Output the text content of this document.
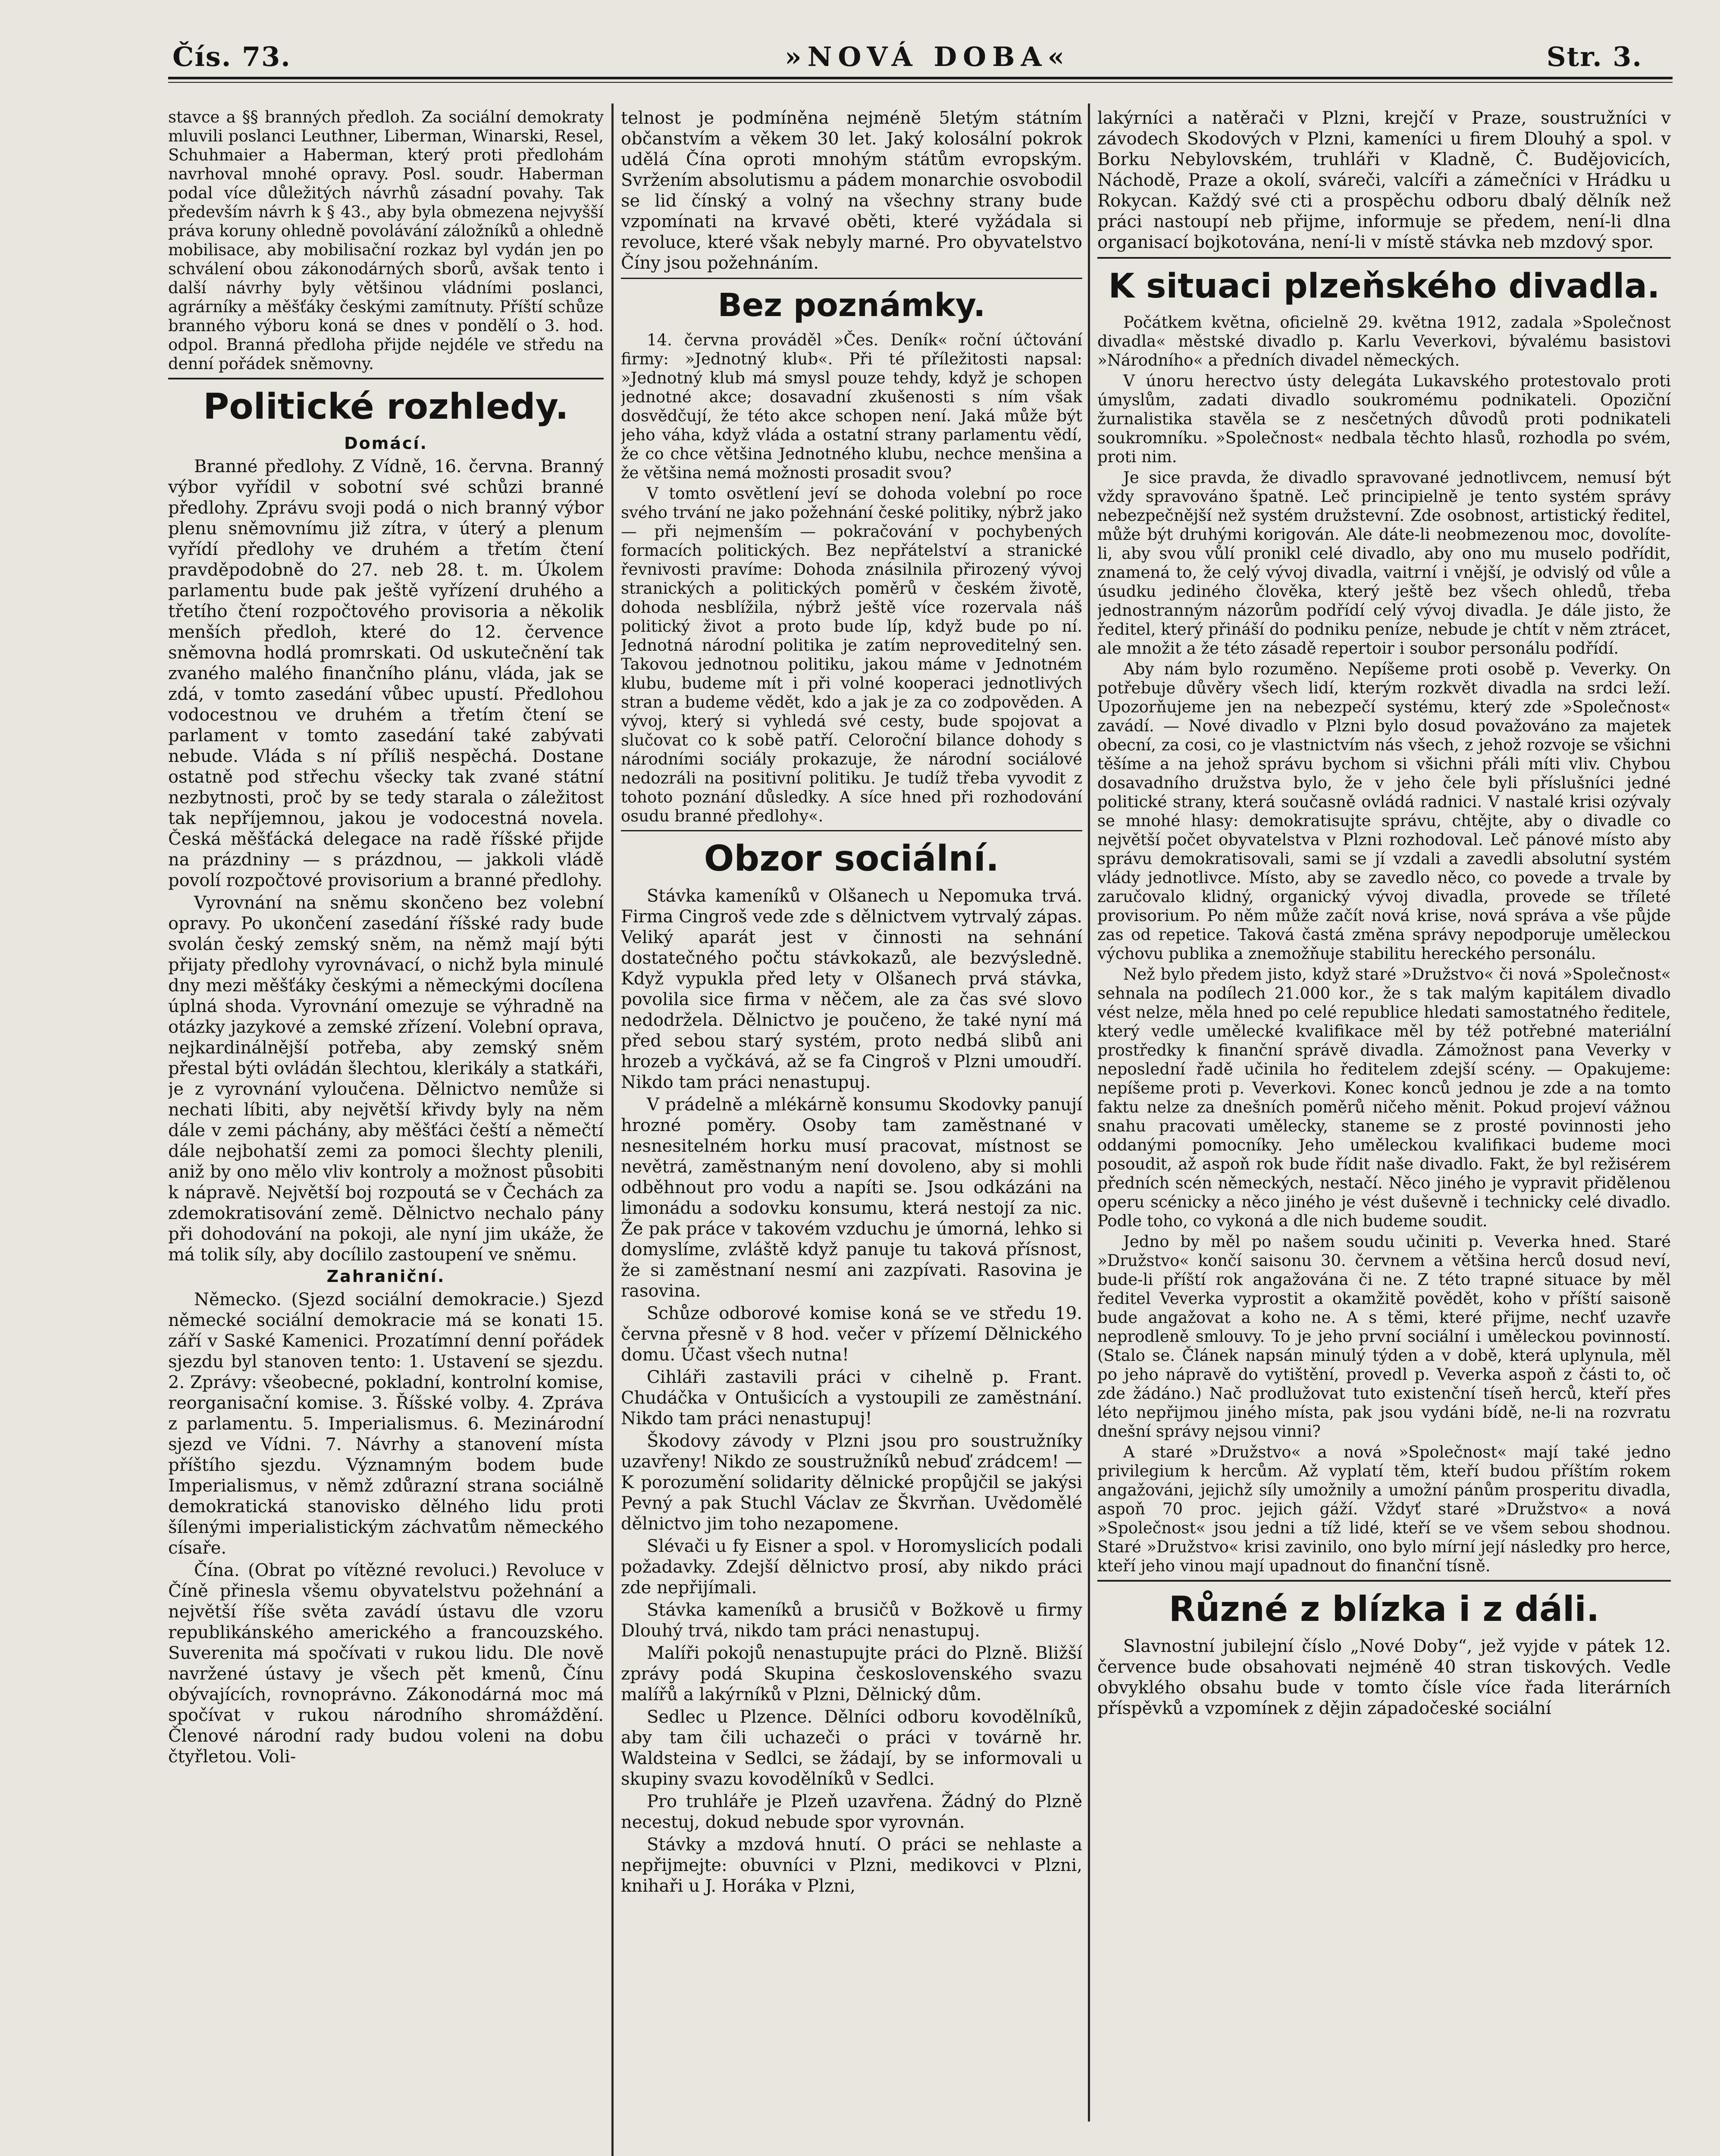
Čís. 73.	»NOVÁ DOBA«	Str. 3.

stavce a §§ branných předloh. Za sociální demokraty mluvili poslanci Leuthner, Liberman, Winarski, Resel, Schuhmaier a Haberman, který proti předlohám navrhoval mnohé opravy. Posl. soudr. Haberman podal více důležitých návrhů zásadní povahy. Tak především návrh k § 43., aby byla obmezena nejvyšší práva koruny ohledně povolávání záložníků a ohledně mobilisace, aby mobilisační rozkaz byl vydán jen po schválení obou zákonodárných sborů, avšak tento i další návrhy byly většinou vládními poslanci, agrárníky a měšťáky českými zamítnuty. Příští schůze branného výboru koná se dnes v pondělí o 3. hod. odpol. Branná předloha přijde nejdéle ve středu na denní pořádek sněmovny.

Politické rozhledy.
Domácí.

Branné předlohy. Z Vídně, 16. června. Branný výbor vyřídil v sobotní své schůzi branné předlohy. Zprávu svoji podá o nich branný výbor plenu sněmovnímu již zítra, v úterý a plenum vyřídí předlohy ve druhém a třetím čtení pravděpodobně do 27. neb 28. t. m. Úkolem parlamentu bude pak ještě vyřízení druhého a třetího čtení rozpočtového provisoria a několik menších předloh, které do 12. července sněmovna hodlá promrskati. Od uskutečnění tak zvaného malého finančního plánu, vláda, jak se zdá, v tomto zasedání vůbec upustí. Předlohou vodocestnou ve druhém a třetím čtení se parlament v tomto zasedání také zabývati nebude. Vláda s ní příliš nespěchá. Dostane ostatně pod střechu všecky tak zvané státní nezbytnosti, proč by se tedy starala o záležitost tak nepříjemnou, jakou je vodocestná novela. Česká měšťácká delegace na radě říšské přijde na prázdniny — s prázdnou, — jakkoli vládě povolí rozpočtové provisorium a branné předlohy.

Vyrovnání na sněmu skončeno bez volební opravy. Po ukončení zasedání říšské rady bude svolán český zemský sněm, na němž mají býti přijaty předlohy vyrovnávací, o nichž byla minulé dny mezi měšťáky českými a německými docílena úplná shoda. Vyrovnání omezuje se výhradně na otázky jazykové a zemské zřízení. Volební oprava, nejkardinálnější potřeba, aby zemský sněm přestal býti ovládán šlechtou, klerikály a statkáři, je z vyrovnání vyloučena. Dělnictvo nemůže si nechati líbiti, aby největší křivdy byly na něm dále v zemi páchány, aby měšťáci čeští a němečtí dále nejbohatší zemi za pomoci šlechty plenili, aniž by ono mělo vliv kontroly a možnost působiti k nápravě. Největší boj rozpoutá se v Čechách za zdemokratisování země. Dělnictvo nechalo pány při dohodování na pokoji, ale nyní jim ukáže, že má tolik síly, aby docílilo zastoupení ve sněmu.

Zahraniční.

Německo. (Sjezd sociální demokracie.) Sjezd německé sociální demokracie má se konati 15. září v Saské Kamenici. Prozatímní denní pořádek sjezdu byl stanoven tento: 1. Ustavení se sjezdu. 2. Zprávy: všeobecné, pokladní, kontrolní komise, reorganisační komise. 3. Říšské volby. 4. Zpráva z parlamentu. 5. Imperialismus. 6. Mezinárodní sjezd ve Vídni. 7. Návrhy a stanovení místa příštího sjezdu. Významným bodem bude Imperialismus, v němž zdůrazní strana sociálně demokratická stanovisko dělného lidu proti šílenými imperialistickým záchvatům německého císaře.

Čína. (Obrat po vítězné revoluci.) Revoluce v Číně přinesla všemu obyvatelstvu požehnání a největší říše světa zavádí ústavu dle vzoru republikánského amerického a francouzského. Suverenita má spočívati v rukou lidu. Dle nově navržené ústavy je všech pět kmenů, Čínu obývajících, rovnoprávno. Zákonodárná moc má spočívat v rukou národního shromáždění. Členové národní rady budou voleni na dobu čtyřletou. Voli-

telnost je podmíněna nejméně 5letým státním občanstvím a věkem 30 let. Jaký kolosální pokrok udělá Čína oproti mnohým státům evropským. Svržením absolutismu a pádem monarchie osvobodil se lid čínský a volný na všechny strany bude vzpomínati na krvavé oběti, které vyžádala si revoluce, které však nebyly marné. Pro obyvatelstvo Číny jsou požehnáním.

Bez poznámky.

14. června prováděl »Čes. Deník« roční účtování firmy: »Jednotný klub«. Při té příležitosti napsal: »Jednotný klub má smysl pouze tehdy, když je schopen jednotné akce; dosavadní zkušenosti s ním však dosvědčují, že této akce schopen není. Jaká může být jeho váha, když vláda a ostatní strany parlamentu vědí, že co chce většina Jednotného klubu, nechce menšina a že většina nemá možnosti prosadit svou?

V tomto osvětlení jeví se dohoda volební po roce svého trvání ne jako požehnání české politiky, nýbrž jako — při nejmenším — pokračování v pochybených formacích politických. Bez nepřátelství a stranické řevnivosti pravíme: Dohoda znásilnila přirozený vývoj stranických a politických poměrů v českém životě, dohoda nesblížila, nýbrž ještě více rozervala náš politický život a proto bude líp, když bude po ní. Jednotná národní politika je zatím neproveditelný sen. Takovou jednotnou politiku, jakou máme v Jednotném klubu, budeme mít i při volné kooperaci jednotlivých stran a budeme vědět, kdo a jak je za co zodpověden. A vývoj, který si vyhledá své cesty, bude spojovat a slučovat co k sobě patří. Celoroční bilance dohody s národními sociály prokazuje, že národní sociálové nedozráli na positivní politiku. Je tudíž třeba vyvodit z tohoto poznání důsledky. A síce hned při rozhodování osudu branné předlohy«.

Obzor sociální.

Stávka kameníků v Olšanech u Nepomuka trvá. Firma Cingroš vede zde s dělnictvem vytrvalý zápas. Veliký aparát jest v činnosti na sehnání dostatečného počtu stávkokazů, ale bezvýsledně. Když vypukla před lety v Olšanech prvá stávka, povolila sice firma v něčem, ale za čas své slovo nedodržela. Dělnictvo je poučeno, že také nyní má před sebou starý systém, proto nedbá slibů ani hrozeb a vyčkává, až se fa Cingroš v Plzni umoudří. Nikdo tam práci nenastupuj.

V prádelně a mlékárně konsumu Skodovky panují hrozné poměry. Osoby tam zaměstnané v nesnesitelném horku musí pracovat, místnost se nevětrá, zaměstnaným není dovoleno, aby si mohli odběhnout pro vodu a napíti se. Jsou odkázáni na limonádu a sodovku konsumu, která nestojí za nic. Že pak práce v takovém vzduchu je úmorná, lehko si domyslíme, zvláště když panuje tu taková přísnost, že si zaměstnaní nesmí ani zazpívati. Rasovina je rasovina.

Schůze odborové komise koná se ve středu 19. června přesně v 8 hod. večer v přízemí Dělnického domu. Účast všech nutna!

Cihláři zastavili práci v cihelně p. Frant. Chudáčka v Ontušicích a vystoupili ze zaměstnání. Nikdo tam práci nenastupuj!

Škodovy závody v Plzni jsou pro soustružníky uzavřeny! Nikdo ze soustružníků nebuď zrádcem! — K porozumění solidarity dělnické propůjčil se jakýsi Pevný a pak Stuchl Václav ze Škvrňan. Uvědomělé dělnictvo jim toho nezapomene.

Slévači u fy Eisner a spol. v Horomyslicích podali požadavky. Zdejší dělnictvo prosí, aby nikdo práci zde nepřijímali.

Stávka kameníků a brusičů v Božkově u firmy Dlouhý trvá, nikdo tam práci nenastupuj.

Malíři pokojů nenastupujte práci do Plzně. Bližší zprávy podá Skupina československého svazu malířů a lakýrníků v Plzni, Dělnický dům.

Sedlec u Plzence. Dělníci odboru kovodělníků, aby tam čili uchazeči o práci v továrně hr. Waldsteina v Sedlci, se žádají, by se informovali u skupiny svazu kovodělníků v Sedlci.

Pro truhláře je Plzeň uzavřena. Žádný do Plzně necestuj, dokud nebude spor vyrovnán.

Stávky a mzdová hnutí. O práci se nehlaste a nepřijmejte: obuvníci v Plzni, medikovci v Plzni, knihaři u J. Horáka v Plzni,

lakýrníci a natěrači v Plzni, krejčí v Praze, soustružníci v závodech Skodových v Plzni, kameníci u firem Dlouhý a spol. v Borku Nebylovském, truhláři v Kladně, Č. Budějovicích, Náchodě, Praze a okolí, sváreči, valcíři a zámečníci v Hrádku u Rokycan. Každý své cti a prospěchu odboru dbalý dělník než práci nastoupí neb přijme, informuje se předem, není-li dlna organisací bojkotována, není-li v místě stávka neb mzdový spor.

K situaci plzeňského divadla.

Počátkem května, oficielně 29. května 1912, zadala »Společnost divadla« městské divadlo p. Karlu Veverkovi, bývalému basistovi »Národního« a předních divadel německých.

V únoru herectvo ústy delegáta Lukavského protestovalo proti úmyslům, zadati divadlo soukromému podnikateli. Opoziční žurnalistika stavěla se z nesčetných důvodů proti podnikateli soukromníku. »Společnost« nedbala těchto hlasů, rozhodla po svém, proti nim.

Je sice pravda, že divadlo spravované jednotlivcem, nemusí být vždy spravováno špatně. Leč principielně je tento systém správy nebezpečnější než systém družstevní. Zde osobnost, artistický ředitel, může být druhými korigován. Ale dáte-li neobmezenou moc, dovolíte-li, aby svou vůlí pronikl celé divadlo, aby ono mu muselo podřídit, znamená to, že celý vývoj divadla, vaitrní i vnější, je odvislý od vůle a úsudku jediného člověka, který ještě bez všech ohledů, třeba jednostranným názorům podřídí celý vývoj divadla. Je dále jisto, že ředitel, který přináší do podniku peníze, nebude je chtít v něm ztrácet, ale množit a že této zásadě repertoir i soubor personálu podřídí.

Aby nám bylo rozuměno. Nepíšeme proti osobě p. Veverky. On potřebuje důvěry všech lidí, kterým rozkvět divadla na srdci leží. Upozorňujeme jen na nebezpečí systému, který zde »Společnost« zavádí. — Nové divadlo v Plzni bylo dosud považováno za majetek obecní, za cosi, co je vlastnictvím nás všech, z jehož rozvoje se všichni těšíme a na jehož správu bychom si všichni přáli míti vliv. Chybou dosavadního družstva bylo, že v jeho čele byli příslušníci jedné politické strany, která současně ovládá radnici. V nastalé krisi ozývaly se mnohé hlasy: demokratisujte správu, chtějte, aby o divadle co největší počet obyvatelstva v Plzni rozhodoval. Leč pánové místo aby správu demokratisovali, sami se jí vzdali a zavedli absolutní systém vlády jednotlivce. Místo, aby se zavedlo něco, co povede a trvale by zaručovalo klidný, organický vývoj divadla, provede se tříleté provisorium. Po něm může začít nová krise, nová správa a vše půjde zas od repetice. Taková častá změna správy nepodporuje uměleckou výchovu publika a znemožňuje stabilitu hereckého personálu.

Než bylo předem jisto, když staré »Družstvo« či nová »Společnost« sehnala na podílech 21.000 kor., že s tak malým kapitálem divadlo vést nelze, měla hned po celé republice hledati samostatného ředitele, který vedle umělecké kvalifikace měl by též potřebné materiální prostředky k finanční správě divadla. Zámožnost pana Veverky v neposlední řadě učinila ho ředitelem zdejší scény. — Opakujeme: nepíšeme proti p. Veverkovi. Konec konců jednou je zde a na tomto faktu nelze za dnešních poměrů ničeho měnit. Pokud projeví vážnou snahu pracovati umělecky, staneme se z prosté povinnosti jeho oddanými pomocníky. Jeho uměleckou kvalifikaci budeme moci posoudit, až aspoň rok bude řídit naše divadlo. Fakt, že byl režisérem předních scén německých, nestačí. Něco jiného je vypravit přidělenou operu scénicky a něco jiného je vést duševně i technicky celé divadlo. Podle toho, co vykoná a dle nich budeme soudit.

Jedno by měl po našem soudu učiniti p. Veverka hned. Staré »Družstvo« končí saisonu 30. červnem a většina herců dosud neví, bude-li příští rok angažována či ne. Z této trapné situace by měl ředitel Veverka vyprostit a okamžitě povědět, koho v příští saisoně bude angažovat a koho ne. A s těmi, které přijme, nechť uzavře neprodleně smlouvy. To je jeho první sociální i uměleckou povinností. (Stalo se. Článek napsán minulý týden a v době, která uplynula, měl po jeho nápravě do vytištění, provedl p. Veverka aspoň z části to, oč zde žádáno.) Nač prodlužovat tuto existenční tíseň herců, kteří přes léto nepřijmou jiného místa, pak jsou vydáni bídě, ne-li na rozvratu dnešní správy nejsou vinni?

A staré »Družstvo« a nová »Společnost« mají také jedno privilegium k hercům. Až vyplatí těm, kteří budou příštím rokem angažováni, jejichž síly umožnily a umožní pánům prosperitu divadla, aspoň 70 proc. jejich gáží. Vždyť staré »Družstvo« a nová »Společnost« jsou jedni a tíž lidé, kteří se ve všem sebou shodnou. Staré »Družstvo« krisi zavinilo, ono bylo mírní její následky pro herce, kteří jeho vinou mají upadnout do finanční tísně.

Různé z blízka i z dáli.

Slavnostní jubilejní číslo „Nové Doby“, jež vyjde v pátek 12. července bude obsahovati nejméně 40 stran tiskových. Vedle obvyklého obsahu bude v tomto čísle více řada literárních příspěvků a vzpomínek z dějin západočeské sociální
